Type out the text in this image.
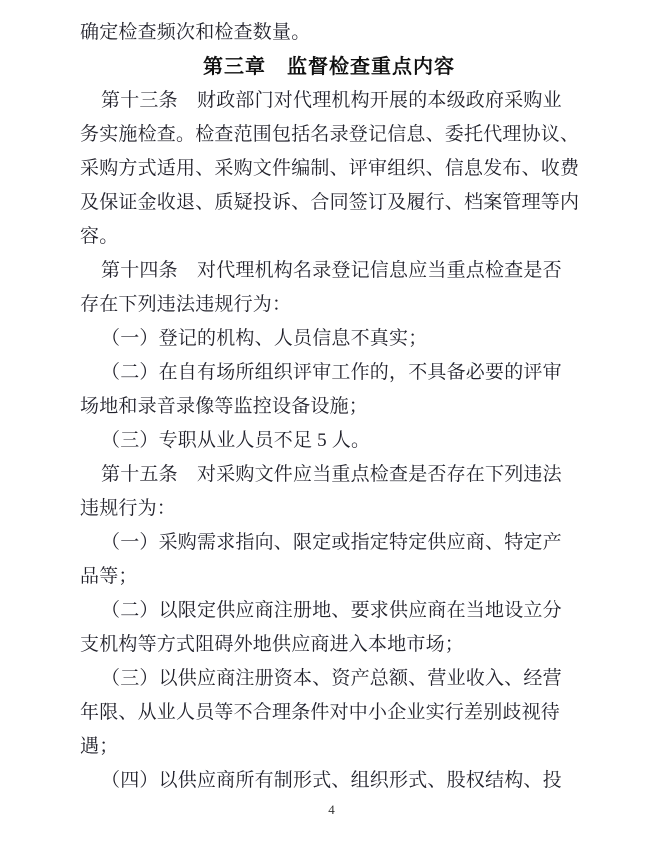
确定检查频次和检查数量。
第三章　监督检查重点内容
第十三条　财政部门对代理机构开展的本级政府采购业
务实施检查。检查范围包括名录登记信息、委托代理协议、
采购方式适用、采购文件编制、评审组织、信息发布、收费
及保证金收退、质疑投诉、合同签订及履行、档案管理等内
容。
第十四条　对代理机构名录登记信息应当重点检查是否
存在下列违法违规行为：
（一）登记的机构、人员信息不真实；
（二）在自有场所组织评审工作的，不具备必要的评审
场地和录音录像等监控设备设施；
（三）专职从业人员不足 5 人。
第十五条　对采购文件应当重点检查是否存在下列违法
违规行为：
（一）采购需求指向、限定或指定特定供应商、特定产
品等；
（二）以限定供应商注册地、要求供应商在当地设立分
支机构等方式阻碍外地供应商进入本地市场；
（三）以供应商注册资本、资产总额、营业收入、经营
年限、从业人员等不合理条件对中小企业实行差别歧视待
遇；
（四）以供应商所有制形式、组织形式、股权结构、投
4
